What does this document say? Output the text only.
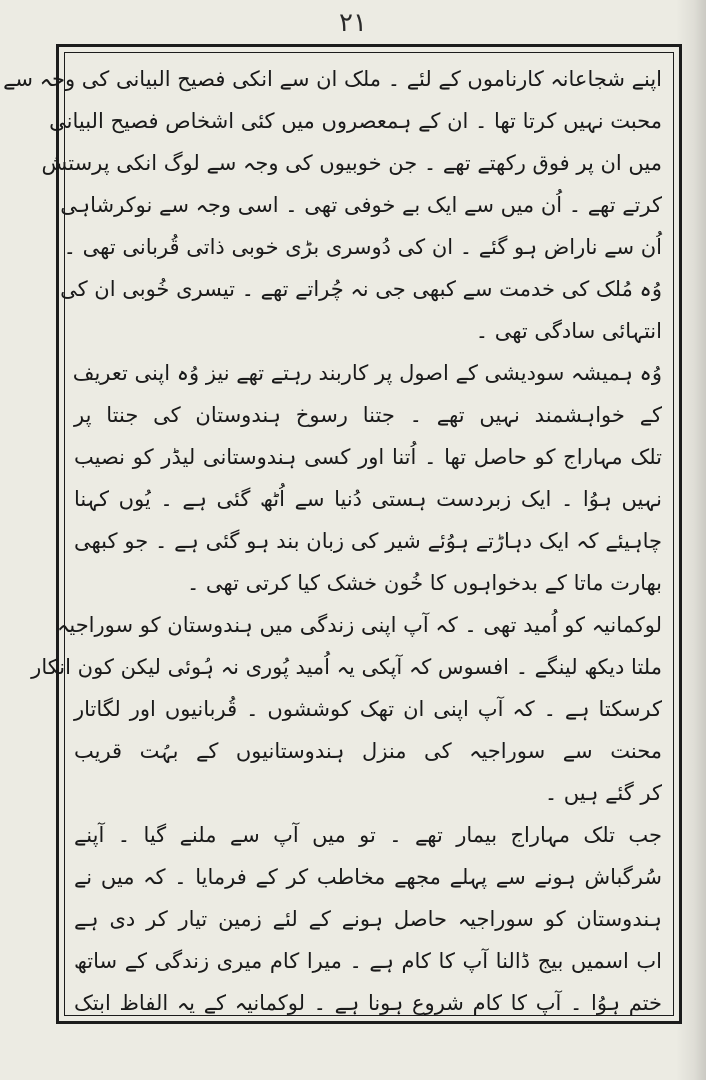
۲۱
اپنے شجاعانہ کارناموں کے لئے ۔ ملک ان سے انکی فصیح البیانی کی وجہ سے
محبت نہیں کرتا تھا ۔ ان کے ہمعصروں میں کئی اشخاص فصیح البیانی
میں ان پر فوق رکھتے تھے ۔ جن خوبیوں کی وجہ سے لوگ انکی پرستش
کرتے تھے ۔ اُن میں سے ایک بے خوفی تھی ۔ اسی وجہ سے نوکرشاہی
اُن سے ناراض ہو گئے ۔ ان کی دُوسری بڑی خوبی ذاتی قُربانی تھی ۔
وُہ مُلک کی خدمت سے کبھی جی نہ چُراتے تھے ۔ تیسری خُوبی ان کی
انتہائی سادگی تھی ۔
وُہ ہمیشہ سودیشی کے اصول پر کاربند رہتے تھے نیز وُہ اپنی تعریف
کے خواہشمند نہیں تھے ۔ جتنا رسوخ ہندوستان کی جنتا پر
تلک مہاراج کو حاصل تھا ۔ اُتنا اور کسی ہندوستانی لیڈر کو نصیب
نہیں ہوُا ۔ ایک زبردست ہستی دُنیا سے اُٹھ گئی ہے ۔ یُوں کہنا
چاہیئے کہ ایک دہاڑتے ہوُئے شیر کی زبان بند ہو گئی ہے ۔ جو کبھی
بھارت ماتا کے بدخواہوں کا خُون خشک کیا کرتی تھی ۔
لوکمانیہ کو اُمید تھی ۔ کہ آپ اپنی زندگی میں ہندوستان کو سوراجیہ
ملتا دیکھ لینگے ۔ افسوس کہ آپکی یہ اُمید پُوری نہ ہُوئی لیکن کون انکار
کرسکتا ہے ۔ کہ آپ اپنی ان تھک کوششوں ۔ قُربانیوں اور لگاتار
محنت سے سوراجیہ کی منزل ہندوستانیوں کے بہُت قریب
کر گئے ہیں ۔
جب تلک مہاراج بیمار تھے ۔ تو میں آپ سے ملنے گیا ۔ آپنے
سُرگباش ہونے سے پہلے مجھے مخاطب کر کے فرمایا ۔ کہ میں نے
ہندوستان کو سوراجیہ حاصل ہونے کے لئے زمین تیار کر دی ہے
اب اسمیں بیج ڈالنا آپ کا کام ہے ۔ میرا کام میری زندگی کے ساتھ
ختم ہوُا ۔ آپ کا کام شروع ہونا ہے ۔ لوکمانیہ کے یہ الفاظ ابتک
